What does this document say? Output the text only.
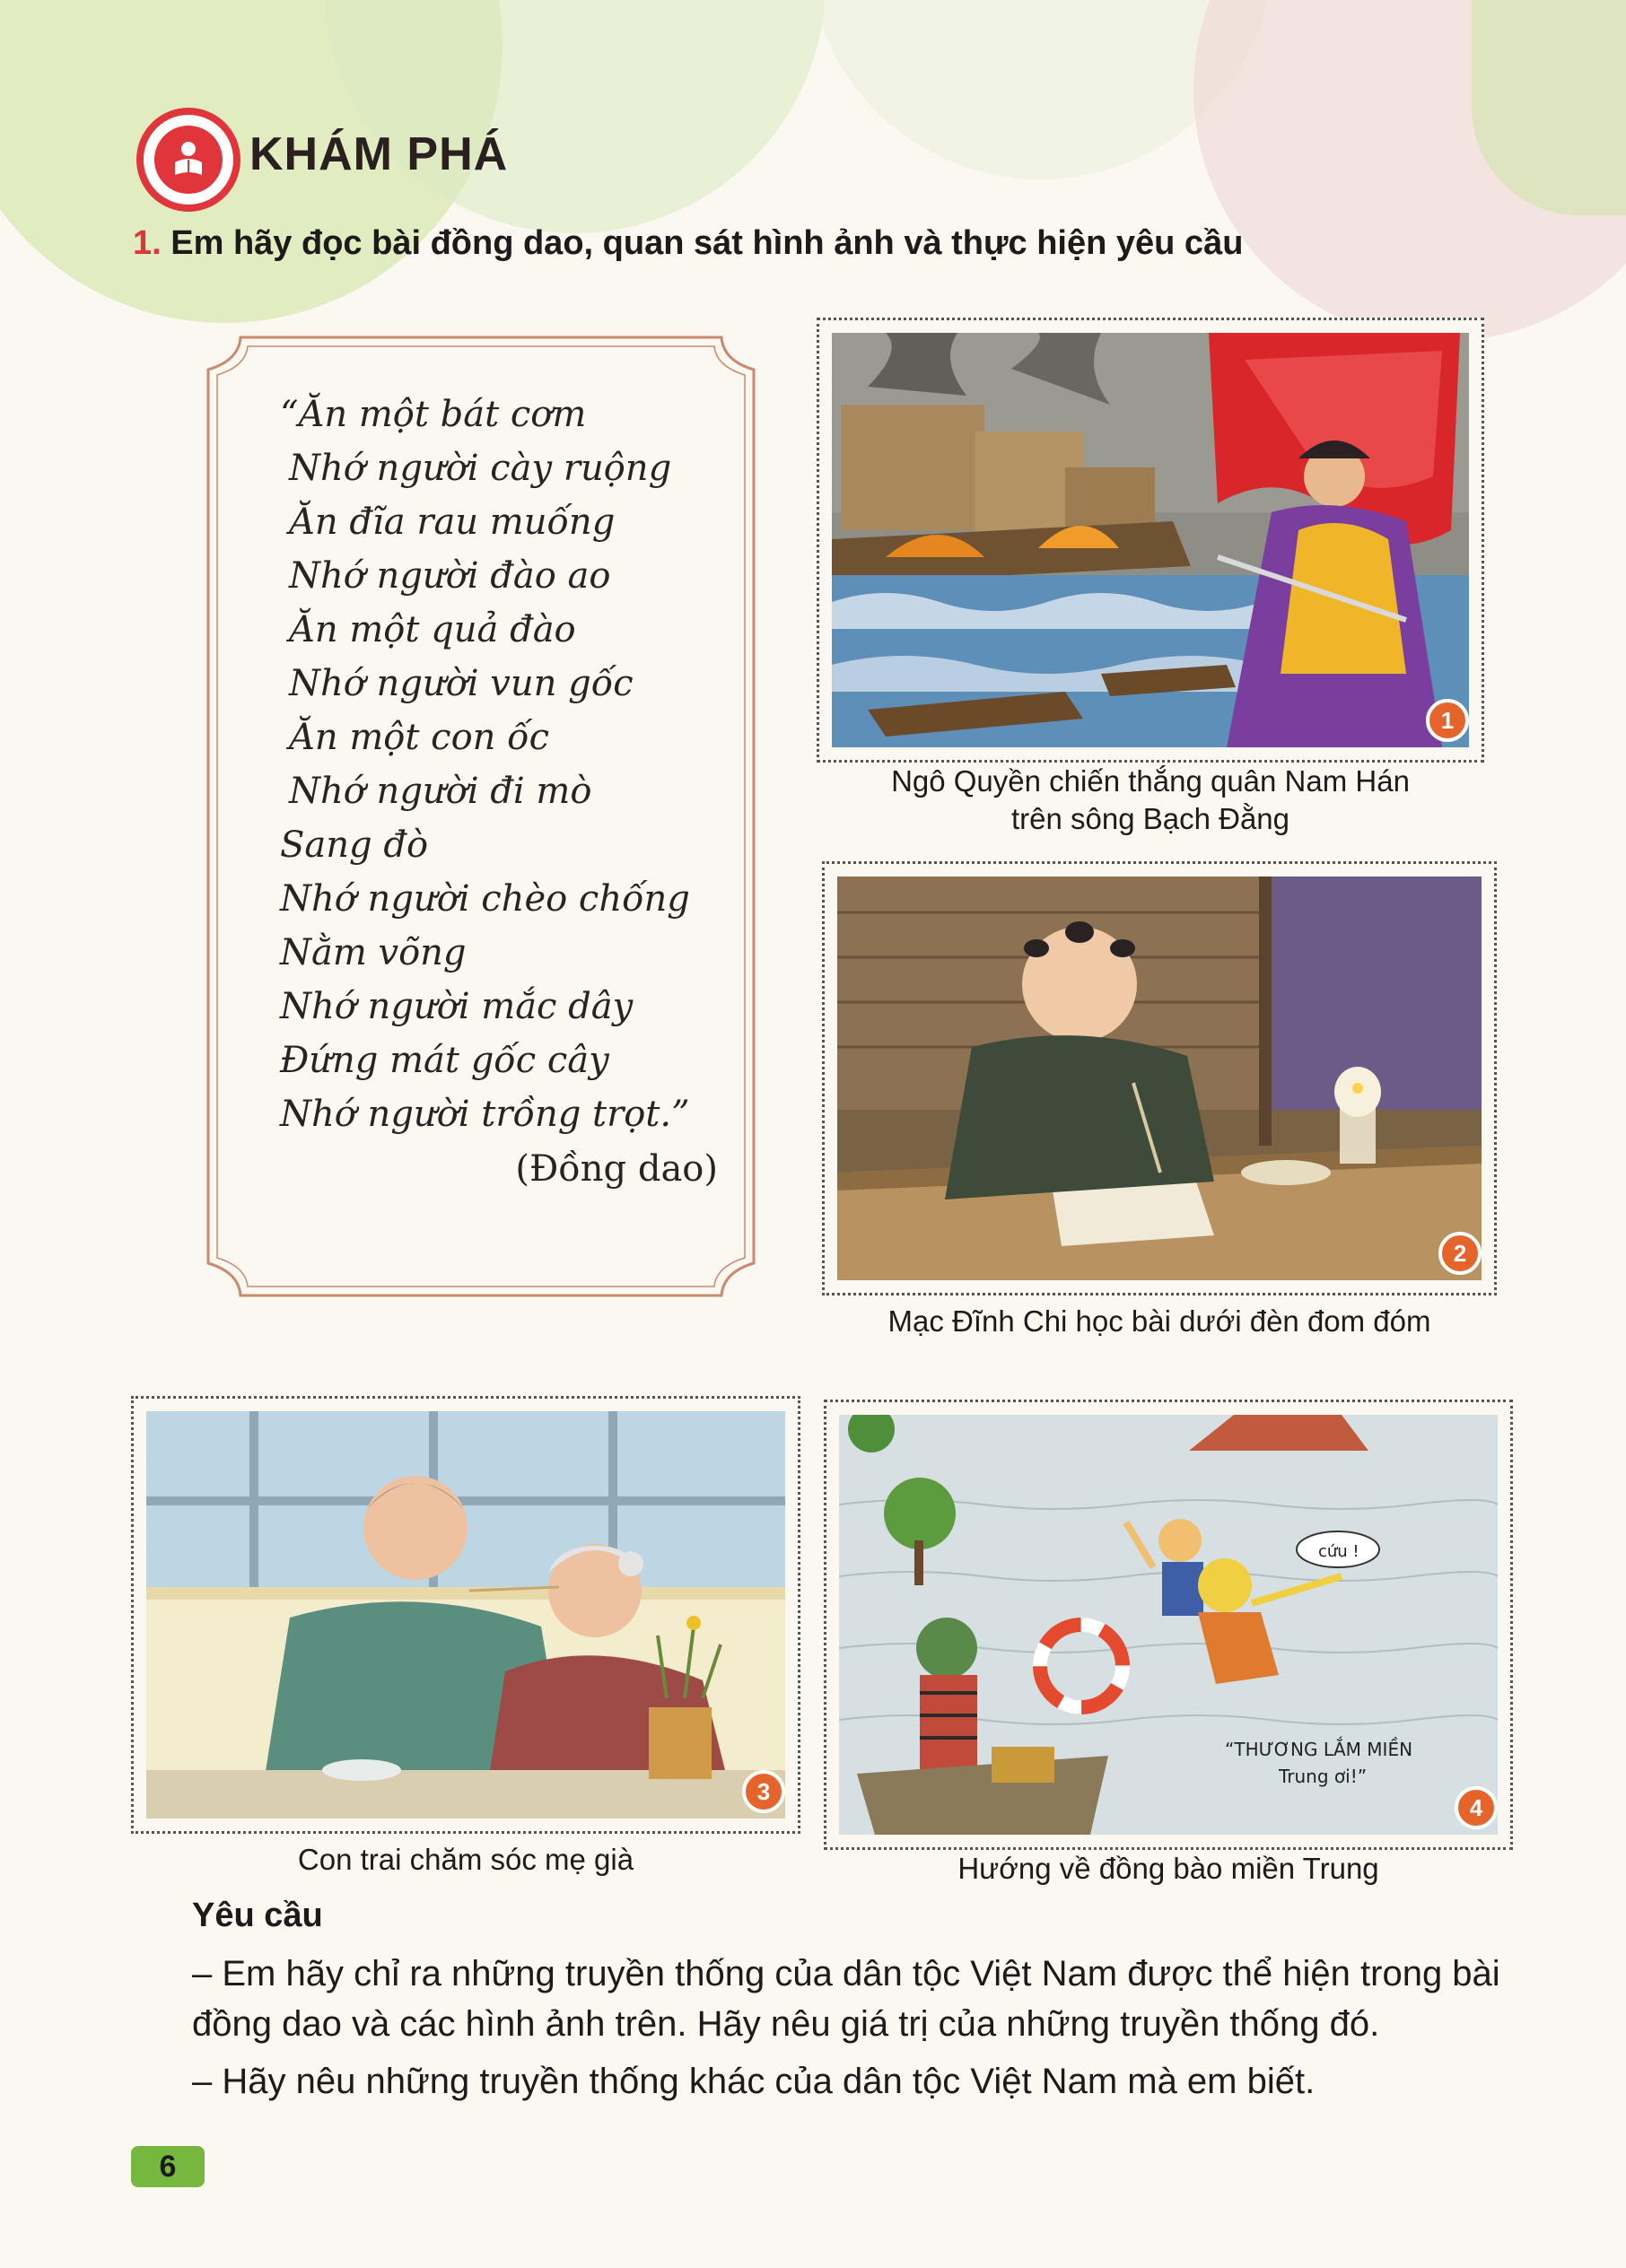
KHÁM PHÁ
1. Em hãy đọc bài đồng dao, quan sát hình ảnh và thực hiện yêu cầu
“Ăn một bát cơm
Nhớ người cày ruộng
Ăn đĩa rau muống
Nhớ người đào ao
Ăn một quả đào
Nhớ người vun gốc
Ăn một con ốc
Nhớ người đi mò
Sang đò
Nhớ người chèo chống
Nằm võng
Nhớ người mắc dây
Đứng mát gốc cây
Nhớ người trồng trọt.”
(Đồng dao)
1
Ngô Quyền chiến thắng quân Nam Hán
trên sông Bạch Đằng
2
Mạc Đĩnh Chi học bài dưới đèn đom đóm
3
Con trai chăm sóc mẹ già
cứu !
“THƯƠNG LẮM MIỀN
Trung ơi!”
4
Hướng về đồng bào miền Trung
Yêu cầu
– Em hãy chỉ ra những truyền thống của dân tộc Việt Nam được thể hiện trong bài đồng dao và các hình ảnh trên. Hãy nêu giá trị của những truyền thống đó.
– Hãy nêu những truyền thống khác của dân tộc Việt Nam mà em biết.
6
